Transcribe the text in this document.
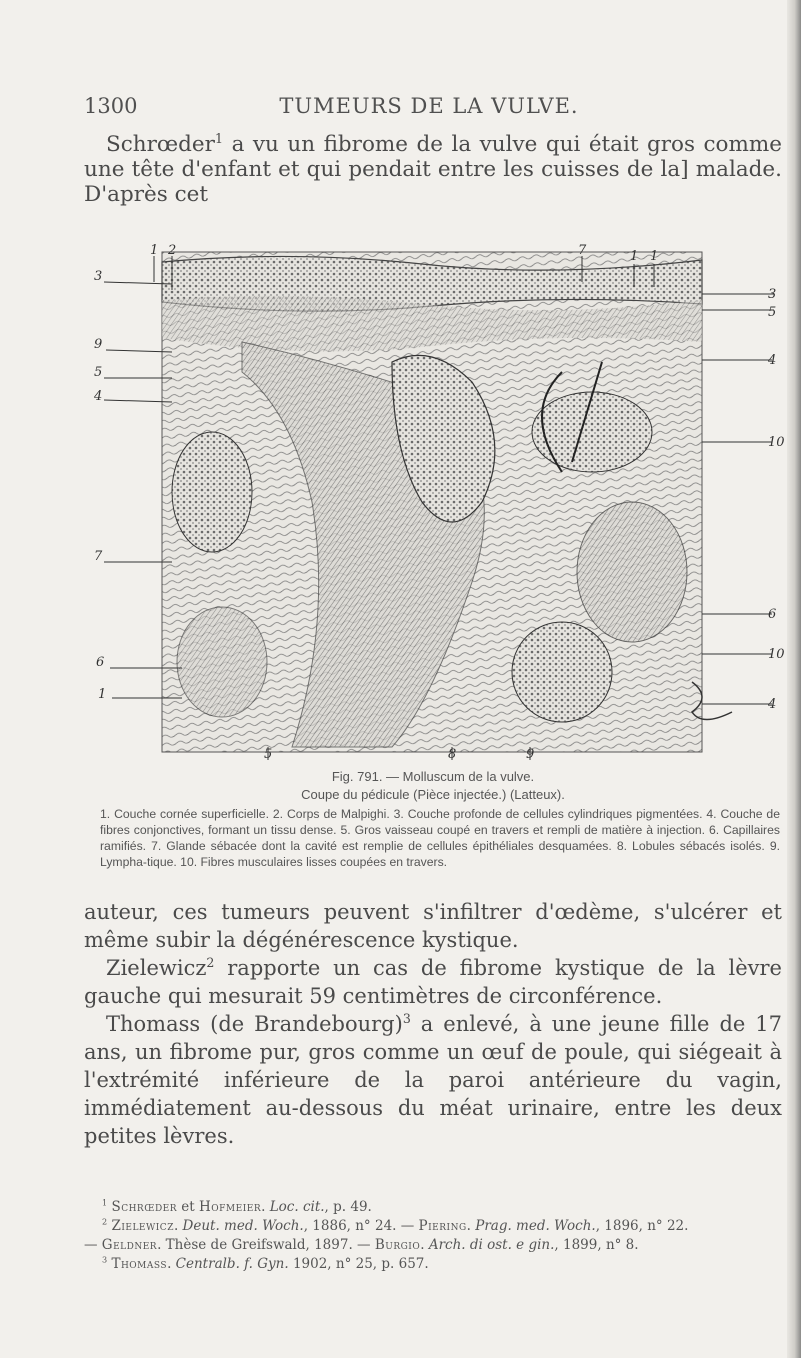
1300	TUMEURS DE LA VULVE.

Schrœder$^1$ a vu un fibrome de la vulve qui était gros comme une tête d'enfant et qui pendait entre les cuisses de la] malade. D'après cet

1 2	7	1 1
3
9
5
4
7
6
1
3
5
4
10
6
10
4
5	8	9
Fig. 791. — Molluscum de la vulve.
Coupe du pédicule (Pièce injectée.) (Latteux).
1. Couche cornée superficielle. 2. Corps de Malpighi. 3. Couche profonde de cellules cylindriques pigmentées. 4. Couche de fibres conjonctives, formant un tissu dense. 5. Gros vaisseau coupé en travers et rempli de matière à injection. 6. Capillaires ramifiés. 7. Glande sébacée dont la cavité est remplie de cellules épithéliales desquamées. 8. Lobules sébacés isolés. 9. Lympha-tique. 10. Fibres musculaires lisses coupées en travers.

auteur, ces tumeurs peuvent s'infiltrer d'œdème, s'ulcérer et même subir la dégénérescence kystique.

Zielewicz$^2$ rapporte un cas de fibrome kystique de la lèvre gauche qui mesurait 59 centimètres de circonférence.

Thomass (de Brandebourg)$^3$ a enlevé, à une jeune fille de 17 ans, un fibrome pur, gros comme un œuf de poule, qui siégeait à l'extrémité inférieure de la paroi antérieure du vagin, immédiatement au-dessous du méat urinaire, entre les deux petites lèvres.

$^1$ Schrœder et Hofmeier. Loc. cit., p. 49.

$^2$ Zielewicz. Deut. med. Woch., 1886, n° 24. — Piering. Prag. med. Woch., 1896, n° 22.

— Geldner. Thèse de Greifswald, 1897. — Burgio. Arch. di ost. e gin., 1899, n° 8.

$^3$ Thomass. Centralb. f. Gyn. 1902, n° 25, p. 657.
